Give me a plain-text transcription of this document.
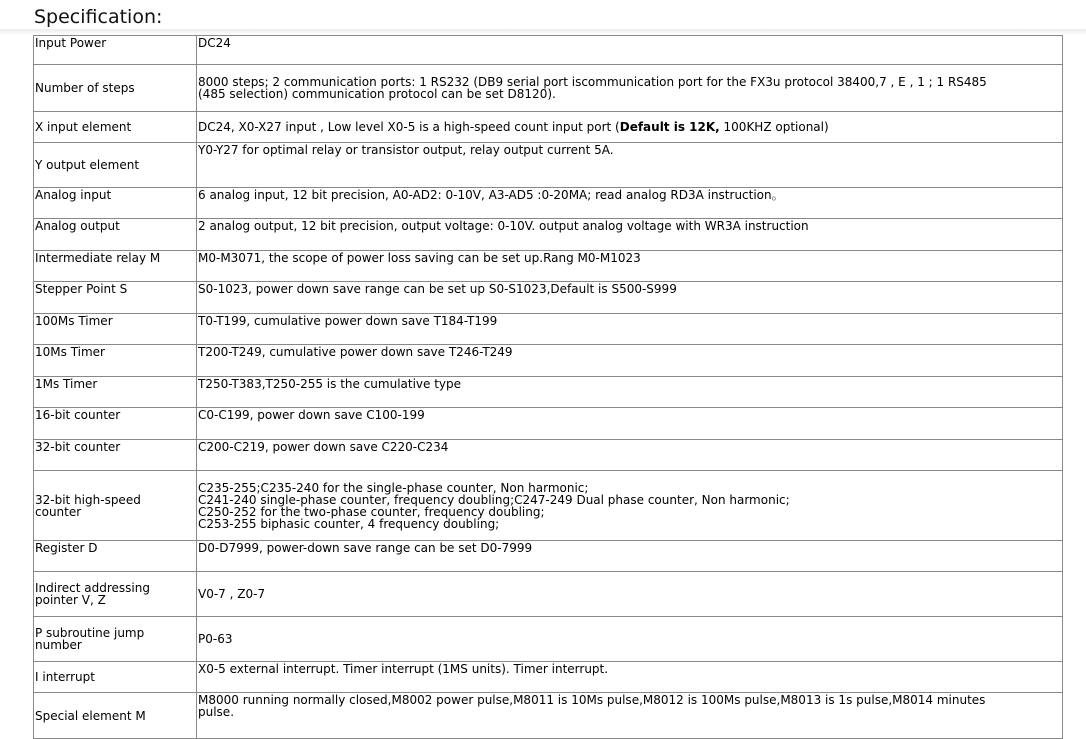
Specification:
Input Power	DC24
Number of steps	8000 steps; 2 communication ports: 1 RS232 (DB9 serial port iscommunication port for the FX3u protocol 38400,7 , E , 1 ; 1 RS485
(485 selection) communication protocol can be set D8120).

X input element	DC24, X0-X27 input , Low level X0-5 is a high-speed count input port (Default is 12K, 100KHZ optional)
Y output element	Y0-Y27 for optimal relay or transistor output, relay output current 5A.
Analog input	6 analog input, 12 bit precision, A0-AD2: 0-10V, A3-AD5 :0-20MA; read analog RD3A instruction。
Analog output	2 analog output, 12 bit precision, output voltage: 0-10V. output analog voltage with WR3A instruction
Intermediate relay M	M0-M3071, the scope of power loss saving can be set up.Rang M0-M1023
Stepper Point S	S0-1023, power down save range can be set up S0-S1023,Default is S500-S999
100Ms Timer	T0-T199, cumulative power down save T184-T199
10Ms Timer	T200-T249, cumulative power down save T246-T249
1Ms Timer	T250-T383,T250-255 is the cumulative type
16-bit counter	C0-C199, power down save C100-199
32-bit counter	C200-C219, power down save C220-C234

32-bit high-speed
counter	C235-255;C235-240 for the single-phase counter, Non harmonic;
C241-240 single-phase counter, frequency doubling;C247-249 Dual phase counter, Non harmonic;
C250-252 for the two-phase counter, frequency doubling;
C253-255 biphasic counter, 4 frequency doubling;

Register D	D0-D7999, power-down save range can be set D0-7999

Indirect addressing
pointer V, Z	V0-7 , Z0-7

P subroutine jump
number	P0-63
I interrupt	X0-5 external interrupt. Timer interrupt (1MS units). Timer interrupt.
Special element M	M8000 running normally closed,M8002 power pulse,M8011 is 10Ms pulse,M8012 is 100Ms pulse,M8013 is 1s pulse,M8014 minutes
pulse.
